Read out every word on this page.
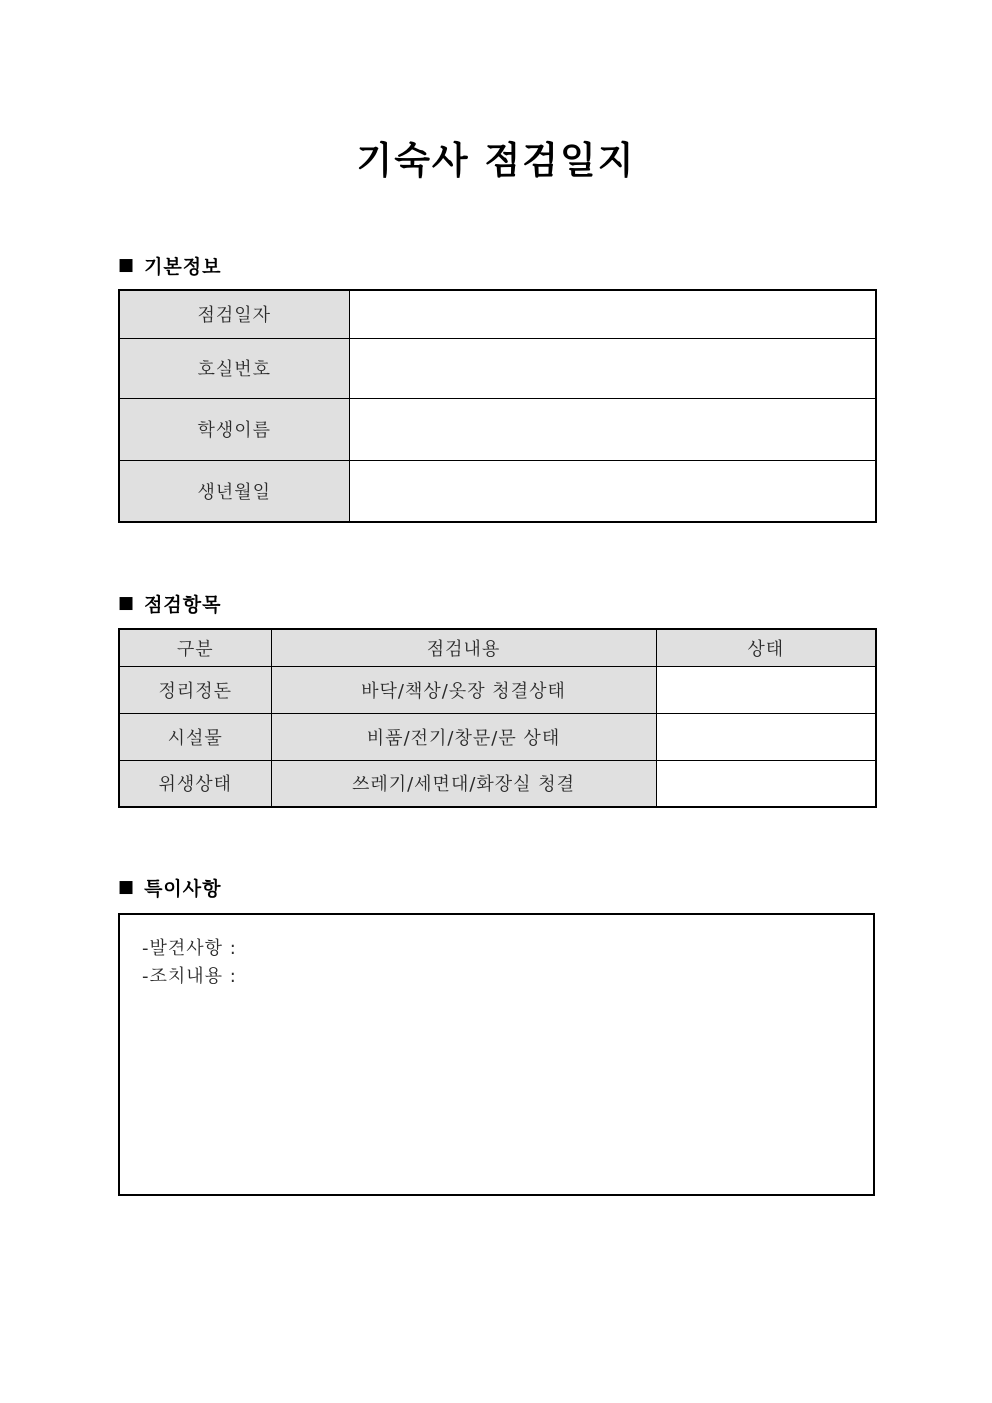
기숙사 점검일지
■ 기본정보
점검일자	
호실번호	
학생이름	
생년월일	
■ 점검항목
구분	점검내용	상태
정리정돈	바닥/책상/옷장 청결상태	
시설물	비품/전기/창문/문 상태	
위생상태	쓰레기/세면대/화장실 청결	
■ 특이사항
-발견사항 :
-조치내용 :
